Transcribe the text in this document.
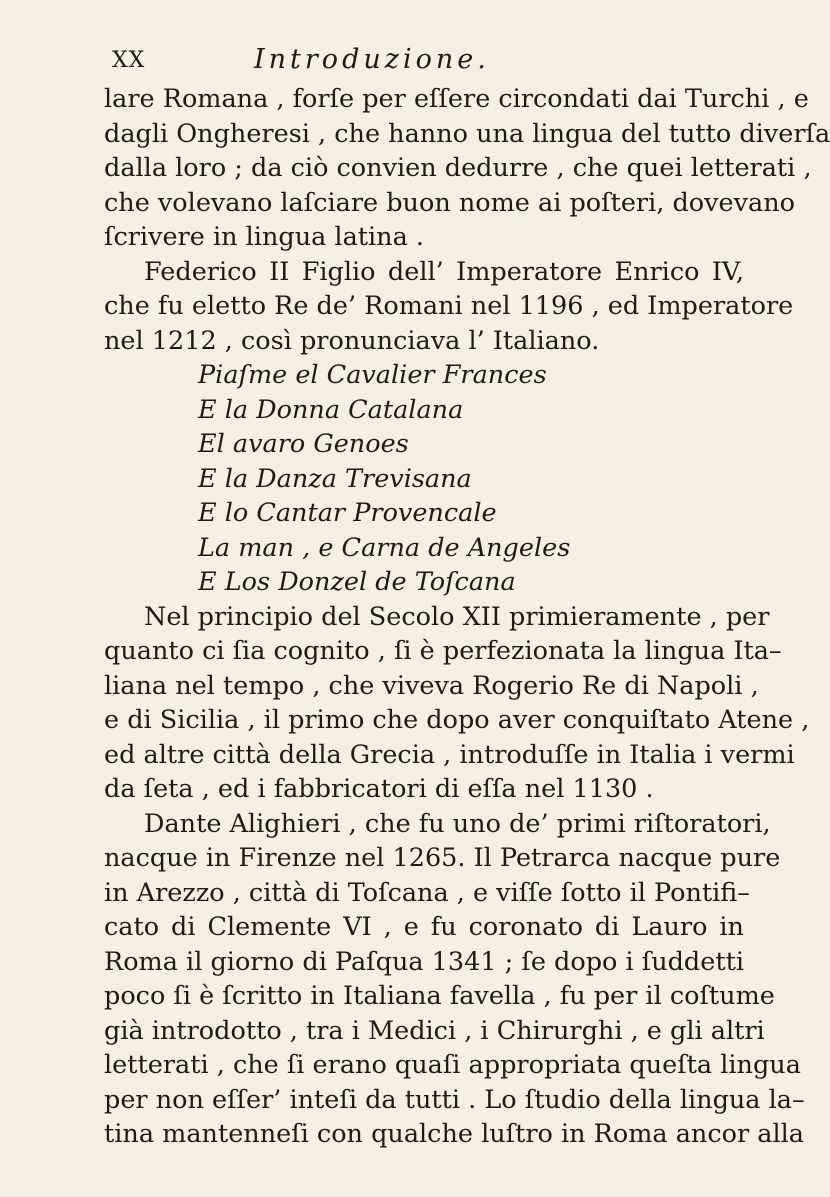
XX	Introduzione.
lare Romana , forſe per eſſere circondati dai Turchi , e
dagli Ongheresi , che hanno una lingua del tutto diverſa
dalla loro ; da ciò convien dedurre , che quei letterati ,
che volevano laſciare buon nome ai poſteri, dovevano
ſcrivere in lingua latina .
Federico II Figlio dell’ Imperatore Enrico IV,
che fu eletto Re de’ Romani nel 1196 , ed Imperatore
nel 1212 , così pronunciava l’ Italiano.
Piaſme el Cavalier Frances
E la Donna Catalana
El avaro Genoes
E la Danza Trevisana
E lo Cantar Provencale
La man , e Carna de Angeles
E Los Donzel de Toſcana
Nel principio del Secolo XII primieramente , per
quanto ci ſia cognito , ſi è perfezionata la lingua Ita–
liana nel tempo , che viveva Rogerio Re di Napoli ,
e di Sicilia , il primo che dopo aver conquiſtato Atene ,
ed altre città della Grecia , introduſſe in Italia i vermi
da ſeta , ed i fabbricatori di eſſa nel 1130 .
Dante Alighieri , che fu uno de’ primi riſtoratori,
nacque in Firenze nel 1265. Il Petrarca nacque pure
in Arezzo , città di Toſcana , e viſſe ſotto il Pontifi–
cato di Clemente VI , e fu coronato di Lauro in
Roma il giorno di Paſqua 1341 ; ſe dopo i ſuddetti
poco ſi è ſcritto in Italiana favella , fu per il coſtume
già introdotto , tra i Medici , i Chirurghi , e gli altri
letterati , che ſi erano quaſi appropriata queſta lingua
per non eſſer’ inteſi da tutti . Lo ſtudio della lingua la–
tina mantenneſi con qualche luſtro in Roma ancor alla
